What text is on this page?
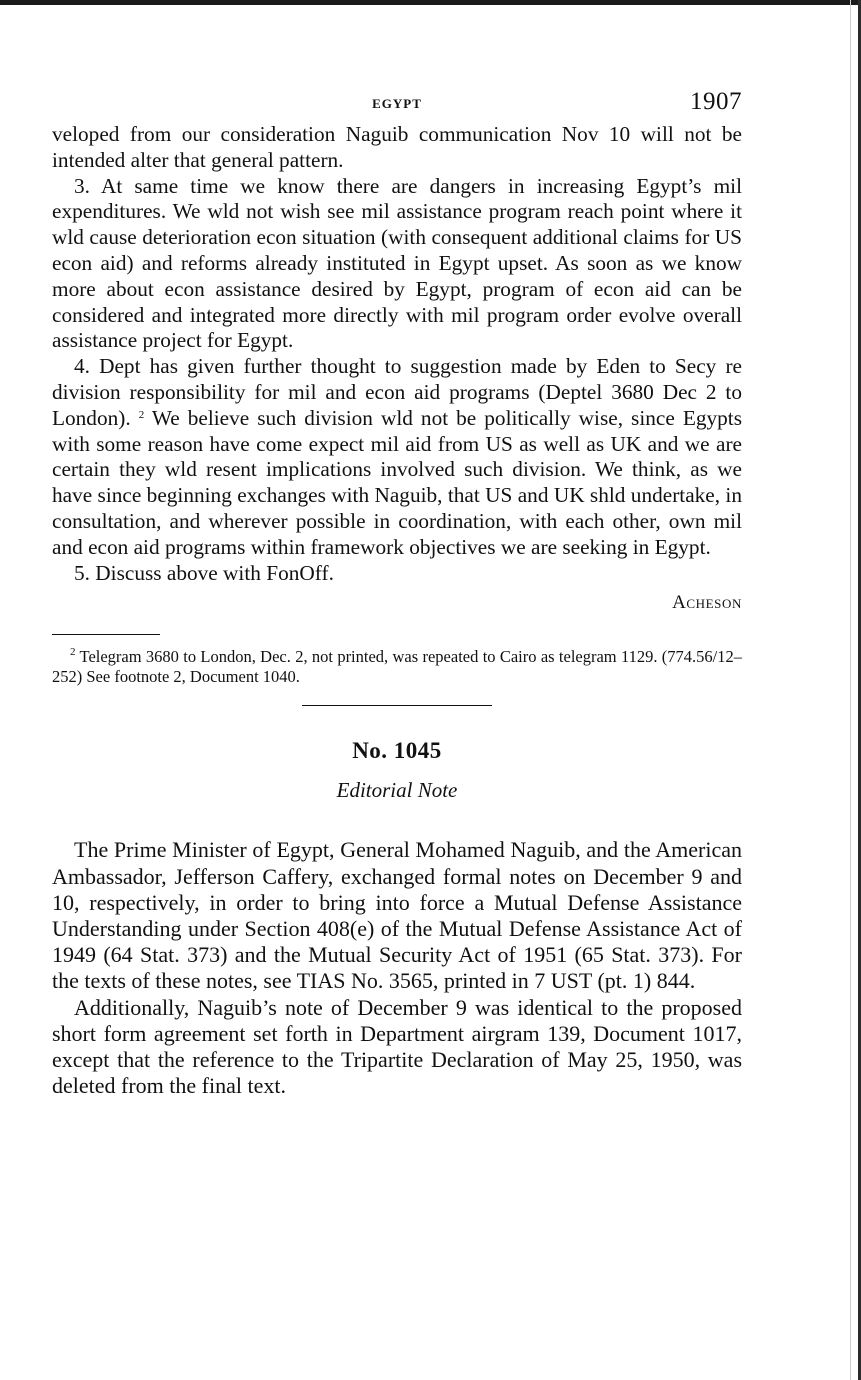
EGYPT	1907

veloped from our consideration Naguib communication Nov 10 will not be intended alter that general pattern.

3. At same time we know there are dangers in increasing Egypt’s mil expenditures. We wld not wish see mil assistance program reach point where it wld cause deterioration econ situation (with consequent additional claims for US econ aid) and reforms already instituted in Egypt upset. As soon as we know more about econ assistance desired by Egypt, program of econ aid can be considered and integrated more directly with mil program order evolve overall assistance project for Egypt.

4. Dept has given further thought to suggestion made by Eden to Secy re division responsibility for mil and econ aid programs (Deptel 3680 Dec 2 to London). $^2$ We believe such division wld not be politically wise, since Egypts with some reason have come expect mil aid from US as well as UK and we are certain they wld resent implications involved such division. We think, as we have since beginning exchanges with Naguib, that US and UK shld undertake, in consultation, and wherever possible in coordination, with each other, own mil and econ aid programs within framework objectives we are seeking in Egypt.

5. Discuss above with FonOff.

Acheson
$^2$ Telegram 3680 to London, Dec. 2, not printed, was repeated to Cairo as telegram 1129. (774.56/12–252) See footnote 2, Document 1040.
No. 1045
Editorial Note

The Prime Minister of Egypt, General Mohamed Naguib, and the American Ambassador, Jefferson Caffery, exchanged formal notes on December 9 and 10, respectively, in order to bring into force a Mutual Defense Assistance Understanding under Section 408(e) of the Mutual Defense Assistance Act of 1949 (64 Stat. 373) and the Mutual Security Act of 1951 (65 Stat. 373). For the texts of these notes, see TIAS No. 3565, printed in 7 UST (pt. 1) 844.

Additionally, Naguib’s note of December 9 was identical to the proposed short form agreement set forth in Department airgram 139, Document 1017, except that the reference to the Tripartite Declaration of May 25, 1950, was deleted from the final text.
